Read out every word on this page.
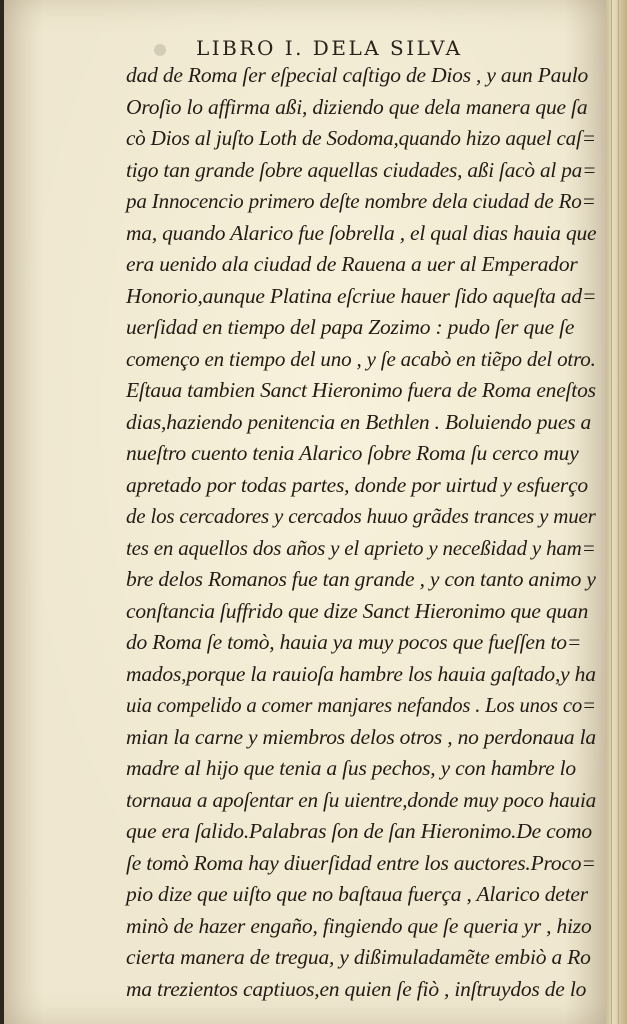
LIBRO I. DELA SILVA
dad de Roma ſer eſpecial caſtigo de Dios , y aun Paulo
Oroſio lo affirma aßi, diziendo que dela manera que ſa
cò Dios al juſto Loth de Sodoma,quando hizo aquel caſ=
tigo tan grande ſobre aquellas ciudades, aßi ſacò al pa=
pa Innocencio primero deſte nombre dela ciudad de Ro=
ma, quando Alarico fue ſobrella , el qual dias hauia que
era uenido ala ciudad de Rauena a uer al Emperador
Honorio,aunque Platina eſcriue hauer ſido aqueſta ad=
uerſidad en tiempo del papa Zozimo : pudo ſer que ſe
començo en tiempo del uno , y ſe acabò en tiẽpo del otro.
Eſtaua tambien Sanct Hieronimo fuera de Roma eneſtos
dias,haziendo penitencia en Bethlen . Boluiendo pues a
nueſtro cuento tenia Alarico ſobre Roma ſu cerco muy
apretado por todas partes, donde por uirtud y esfuerço
de los cercadores y cercados huuo grãdes trances y muer
tes en aquellos dos años y el aprieto y neceßidad y ham=
bre delos Romanos fue tan grande , y con tanto animo y
conſtancia ſuffrido que dize Sanct Hieronimo que quan
do Roma ſe tomò, hauia ya muy pocos que fueſſen to=
mados,porque la rauioſa hambre los hauia gaſtado,y ha
uia compelido a comer manjares nefandos . Los unos co=
mian la carne y miembros delos otros , no perdonaua la
madre al hijo que tenia a ſus pechos, y con hambre lo
tornaua a apoſentar en ſu uientre,donde muy poco hauia
que era ſalido.Palabras ſon de ſan Hieronimo.De como
ſe tomò Roma hay diuerſidad entre los auctores.Proco=
pio dize que uiſto que no baſtaua fuerça , Alarico deter
minò de hazer engaño, fingiendo que ſe queria yr , hizo
cierta manera de tregua, y dißimuladamẽte embiò a Ro
ma trezientos captiuos,en quien ſe fiò , inſtruydos de lo
